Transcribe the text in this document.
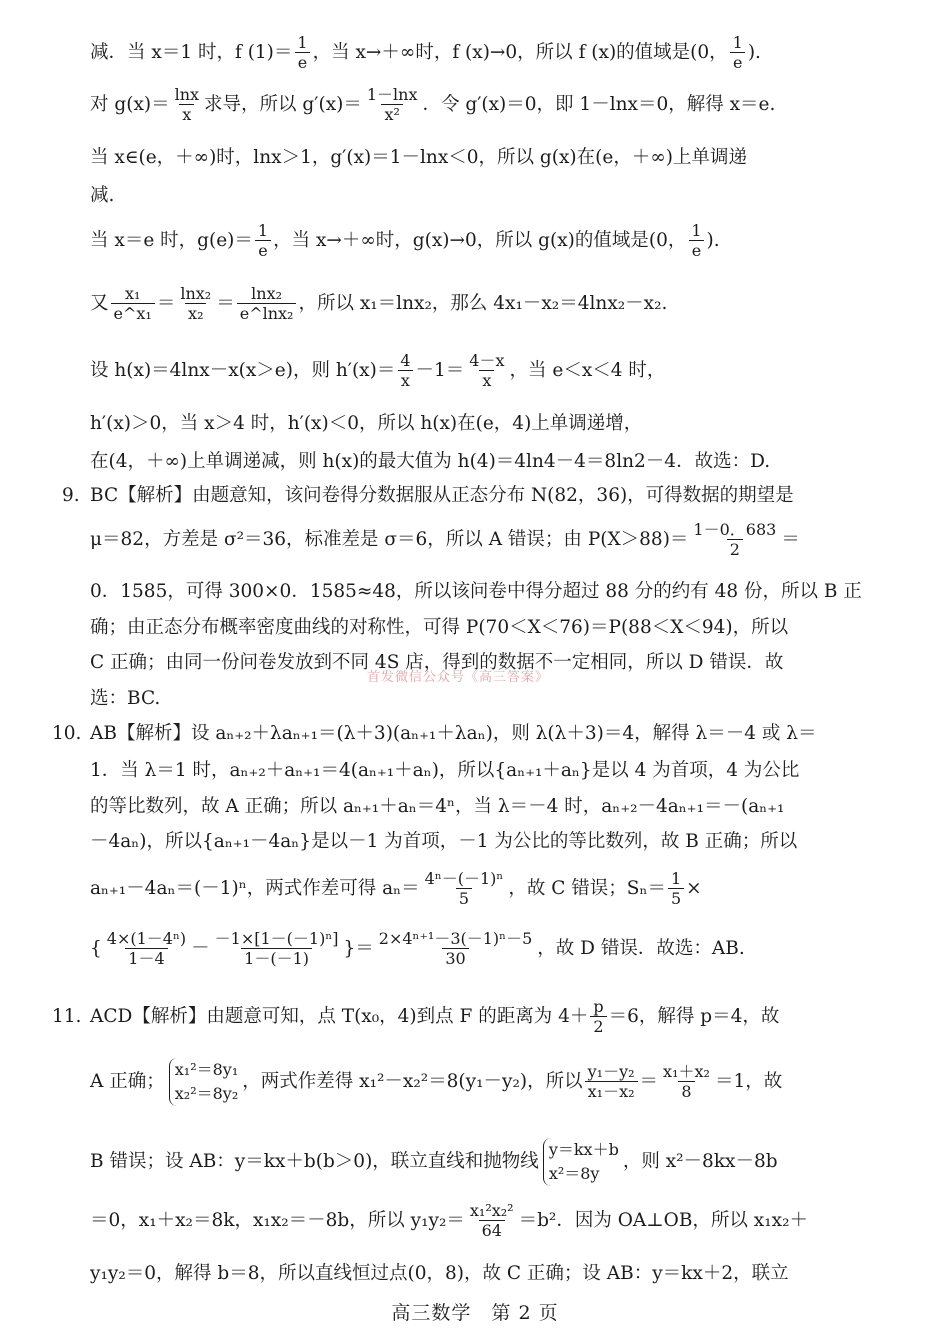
减．当 x＝1 时，f $(1)= \frac{1}{e}$ ，当 x→＋∞时，f (x)→0，所以 f (x)的值域是(0， $\frac{1}{e}$ ).
对 $g(x)= \frac{\ln x}{x}$ 求导，所以 $g'(x)= \frac{1-\ln x}{\text{x²}}$ ．令 g′(x)＝0，即 1－lnx＝0，解得 x＝e.
当 x∈(e，＋∞)时，lnx＞1，g′(x)＝1－lnx＜0，所以 g(x)在(e，＋∞)上单调递
减.
当 x＝e 时，$g(e)= \frac{1}{e}$ ，当 x→＋∞时，g(x)→0，所以 g(x)的值域是(0， $\frac{1}{e}$ ).
又 $\frac{\text{x₁}}{\text{e\textasciicircum{}x₁}} = \frac{\text{lnx₂}}{\text{x₂}} = \frac{\text{lnx₂}}{\text{e\textasciicircum{}lnx₂}}$ ，所以 x₁＝lnx₂，那么 4x₁－x₂＝4lnx₂－x₂.
设 h(x)＝4lnx－x(x＞e)，则 $h'(x)= \frac{4}{x} -1= \frac{4-x}{x}$ ，当 e＜x＜4 时，
h′(x)＞0，当 x＞4 时，h′(x)＜0，所以 h(x)在(e，4)上单调递增，
在(4，＋∞)上单调递减，则 h(x)的最大值为 h(4)＝4ln4－4＝8ln2－4．故选：D.
9. BC【解析】由题意知，该问卷得分数据服从正态分布 N(82，36)，可得数据的期望是
μ＝82，方差是 σ²＝36，标准差是 σ＝6，所以 A 错误；由 $P(X>88)= \frac{1-0.683}{2}$ ＝
0．1585，可得 300×0．1585≈48，所以该问卷中得分超过 88 分的约有 48 份，所以 B 正
确；由正态分布概率密度曲线的对称性，可得 P(70＜X＜76)＝P(88＜X＜94)，所以
C 正确；由同一份问卷发放到不同 4S 店，得到的数据不一定相同，所以 D 错误．故
选：BC.
10. AB【解析】设 aₙ₊₂＋λaₙ₊₁＝(λ＋3)(aₙ₊₁＋λaₙ)，则 λ(λ＋3)＝4，解得 λ＝－4 或 λ＝
1．当 λ＝1 时，aₙ₊₂＋aₙ₊₁＝4(aₙ₊₁＋aₙ)，所以{aₙ₊₁＋aₙ}是以 4 为首项，4 为公比
的等比数列，故 A 正确；所以 aₙ₊₁＋aₙ＝4ⁿ，当 λ＝－4 时，aₙ₊₂－4aₙ₊₁＝－(aₙ₊₁
－4aₙ)，所以{aₙ₊₁－4aₙ}是以－1 为首项，－1 为公比的等比数列，故 B 正确；所以
aₙ₊₁－4aₙ＝(－1)ⁿ，两式作差可得 $a_n= \frac{\text{4ⁿ－(－1)ⁿ}}{5}$ ，故 C 错误；$S_n= \frac{1}{5}$ ×
{ $\frac{\text{4×(1－4ⁿ)}}{1-4} - \frac{\text{－1×[1－(－1)ⁿ]}}{1-(-1)}$ }＝ $\frac{\text{2×4ⁿ⁺¹－3(－1)ⁿ－5}}{30}$ ，故 D 错误．故选：AB.
11. ACD【解析】由题意可知，点 T(x₀，4)到点 F 的距离为 $4+ \frac{p}{2} =6$，解得 p＝4，故
A 正确；
x₁²＝8y₁
x₂²＝8y₂
，两式作差得 x₁²－x₂²＝8(y₁－y₂)，所以 $\frac{\text{y₁－y₂}}{\text{x₁－x₂}} = \frac{\text{x₁＋x₂}}{8} =1$，故
B 错误；设 AB：y＝kx＋b(b＞0)，联立直线和抛物线
y＝kx＋b
x²＝8y
，则 x²－8kx－8b
＝0，x₁＋x₂＝8k，x₁x₂＝－8b，所以 $y_1y_2= \frac{\text{x₁²x₂²}}{64} =b^2$．因为 OA⊥OB，所以 x₁x₂＋
y₁y₂＝0，解得 b＝8，所以直线恒过点(0，8)，故 C 正确；设 AB：y＝kx＋2，联立
首发微信公众号《高三答案》
高三数学　第 2 页
